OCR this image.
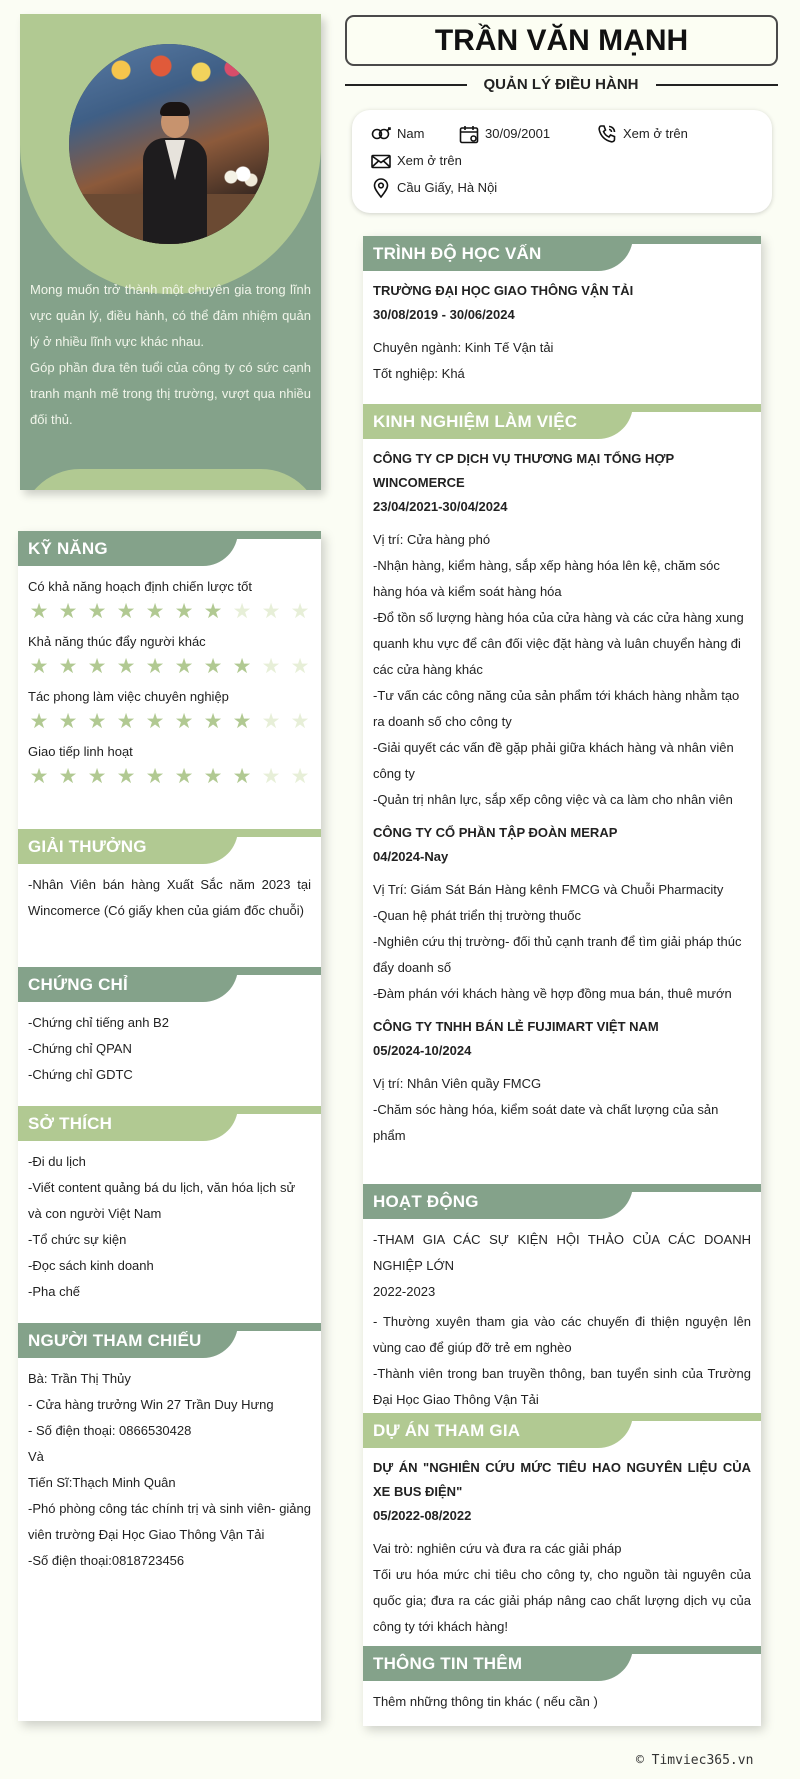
Mong muốn trở thành một chuyên gia trong lĩnh vực quản lý, điều hành, có thể đảm nhiệm quản lý ở nhiều lĩnh vực khác nhau.

Góp phần đưa tên tuổi của công ty có sức cạnh tranh mạnh mẽ trong thị trường, vượt qua nhiều đối thủ.

KỸ NĂNG
Có khả năng hoạch định chiến lược tốt
★ ★ ★ ★ ★ ★ ★ ★ ★ ★
Khả năng thúc đẩy người khác
★ ★ ★ ★ ★ ★ ★ ★ ★ ★
Tác phong làm việc chuyên nghiệp
★ ★ ★ ★ ★ ★ ★ ★ ★ ★
Giao tiếp linh hoạt
★ ★ ★ ★ ★ ★ ★ ★ ★ ★
GIẢI THƯỞNG
-Nhân Viên bán hàng Xuất Sắc năm 2023 tại Wincomerce (Có giấy khen của giám đốc chuỗi)
CHỨNG CHỈ
-Chứng chỉ tiếng anh B2
-Chứng chỉ QPAN
-Chứng chỉ GDTC
SỞ THÍCH
-Đi du lịch
-Viết content quảng bá du lịch, văn hóa lịch sử và con người Việt Nam
-Tổ chức sự kiện
-Đọc sách kinh doanh
-Pha chế
NGƯỜI THAM CHIẾU
Bà: Trần Thị Thủy
- Cửa hàng trưởng Win 27 Trần Duy Hưng
- Số điện thoại: 0866530428
Và
Tiến Sĩ:Thạch Minh Quân
-Phó phòng công tác chính trị và sinh viên- giảng viên trường Đại Học Giao Thông Vận Tải
-Số điện thoại:0818723456
TRẦN VĂN MẠNH
QUẢN LÝ ĐIỀU HÀNH
Nam	30/09/2001	Xem ở trên
Xem ở trên
Cầu Giấy, Hà Nội
TRÌNH ĐỘ HỌC VẤN
TRƯỜNG ĐẠI HỌC GIAO THÔNG VẬN TẢI
30/08/2019 - 30/06/2024
Chuyên ngành: Kinh Tế Vận tải
Tốt nghiệp: Khá
KINH NGHIỆM LÀM VIỆC
CÔNG TY CP DỊCH VỤ THƯƠNG MẠI TỔNG HỢP WINCOMERCE
23/04/2021-30/04/2024
Vị trí: Cửa hàng phó
-Nhận hàng, kiểm hàng, sắp xếp hàng hóa lên kệ, chăm sóc hàng hóa và kiểm soát hàng hóa
-Đổ tồn số lượng hàng hóa của cửa hàng và các cửa hàng xung quanh khu vực để cân đối việc đặt hàng và luân chuyển hàng đi các cửa hàng khác
-Tư vấn các công năng của sản phẩm tới khách hàng nhằm tạo ra doanh số cho công ty
-Giải quyết các vấn đề gặp phải giữa khách hàng và nhân viên công ty
-Quản trị nhân lực, sắp xếp công việc và ca làm cho nhân viên
CÔNG TY CỔ PHẦN TẬP ĐOÀN MERAP
04/2024-Nay
Vị Trí: Giám Sát Bán Hàng kênh FMCG và Chuỗi Pharmacity
-Quan hệ phát triển thị trường thuốc
-Nghiên cứu thị trường- đối thủ cạnh tranh để tìm giải pháp thúc đẩy doanh số
-Đàm phán với khách hàng về hợp đồng mua bán, thuê mướn
CÔNG TY TNHH BÁN LẺ FUJIMART VIỆT NAM
05/2024-10/2024
Vị trí: Nhân Viên quầy FMCG
-Chăm sóc hàng hóa, kiểm soát date và chất lượng của sản phẩm
HOẠT ĐỘNG
-THAM GIA CÁC SỰ KIỆN HỘI THẢO CỦA CÁC DOANH NGHIỆP LỚN
2022-2023
- Thường xuyên tham gia vào các chuyến đi thiện nguyện lên vùng cao để giúp đỡ trẻ em nghèo
-Thành viên trong ban truyền thông, ban tuyển sinh của Trường Đại Học Giao Thông Vận Tải
DỰ ÁN THAM GIA
DỰ ÁN "NGHIÊN CỨU MỨC TIÊU HAO NGUYÊN LIỆU CỦA XE BUS ĐIỆN"
05/2022-08/2022
Vai trò: nghiên cứu và đưa ra các giải pháp
Tối ưu hóa mức chi tiêu cho công ty, cho nguồn tài nguyên của quốc gia; đưa ra các giải pháp nâng cao chất lượng dịch vụ của công ty tới khách hàng!
THÔNG TIN THÊM
Thêm những thông tin khác ( nếu cần )
© Timviec365.vn
